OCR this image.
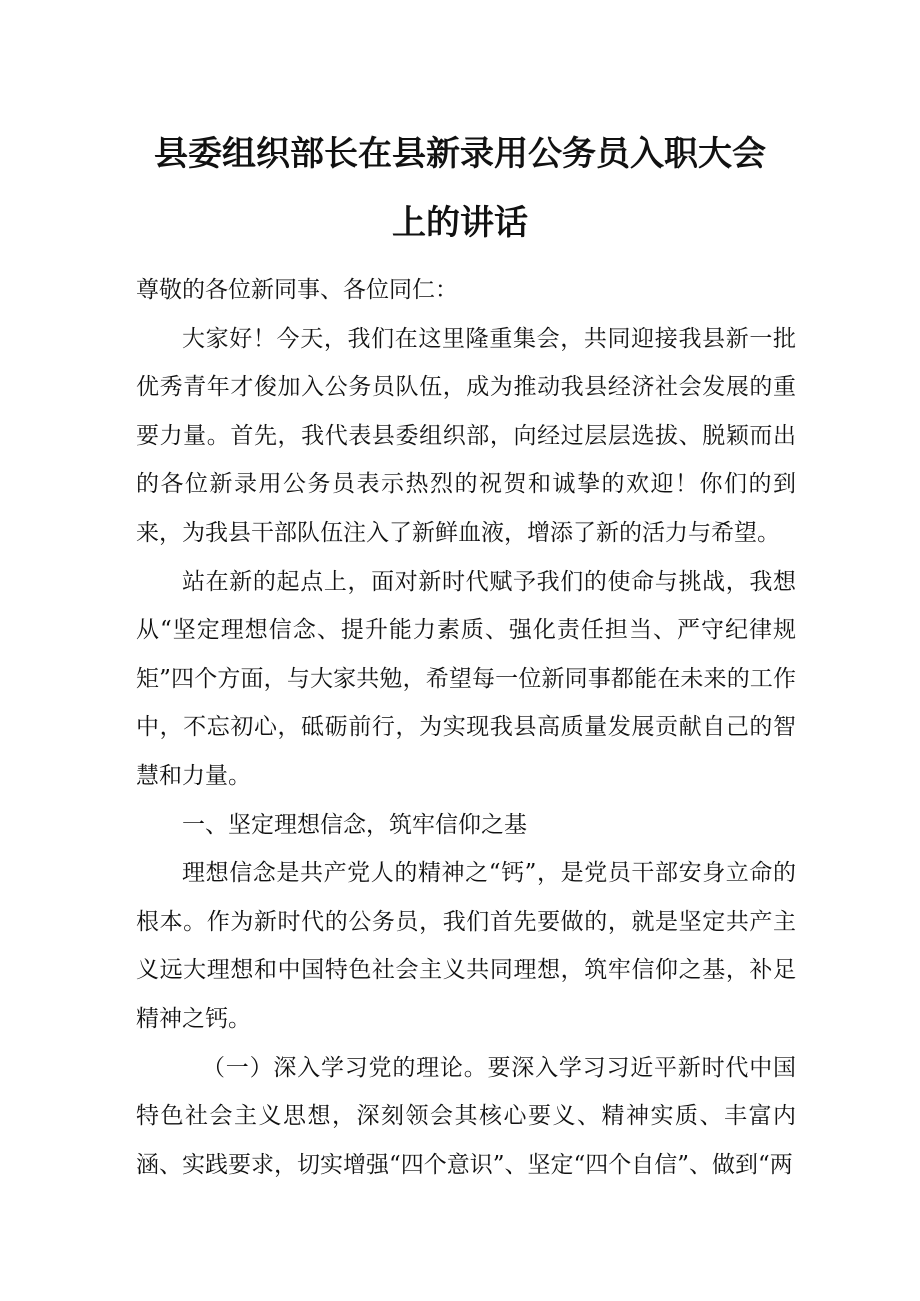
县委组织部长在县新录用公务员入职大会
上的讲话

尊敬的各位新同事、各位同仁：

大家好！今天，我们在这里隆重集会，共同迎接我县新一批优秀青年才俊加入公务员队伍，成为推动我县经济社会发展的重要力量。首先，我代表县委组织部，向经过层层选拔、脱颖而出的各位新录用公务员表示热烈的祝贺和诚挚的欢迎！你们的到来，为我县干部队伍注入了新鲜血液，增添了新的活力与希望。

站在新的起点上，面对新时代赋予我们的使命与挑战，我想从“坚定理想信念、提升能力素质、强化责任担当、严守纪律规矩”四个方面，与大家共勉，希望每一位新同事都能在未来的工作中，不忘初心，砥砺前行，为实现我县高质量发展贡献自己的智慧和力量。

一、坚定理想信念，筑牢信仰之基

理想信念是共产党人的精神之“钙”，是党员干部安身立命的根本。作为新时代的公务员，我们首先要做的，就是坚定共产主义远大理想和中国特色社会主义共同理想，筑牢信仰之基，补足精神之钙。

（一）深入学习党的理论。要深入学习习近平新时代中国特色社会主义思想，深刻领会其核心要义、精神实质、丰富内涵、实践要求，切实增强“四个意识”、坚定“四个自信”、做到“两
